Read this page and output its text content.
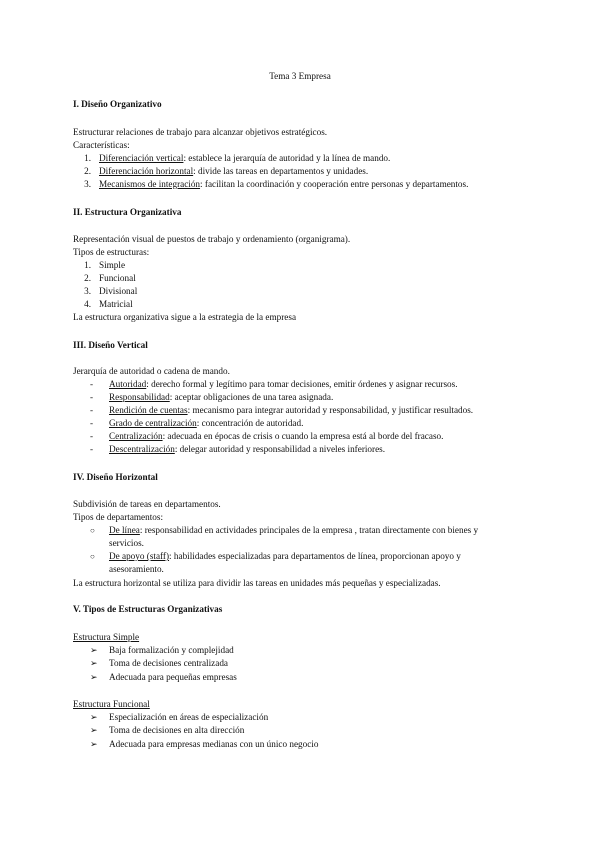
Tema 3 Empresa
I. Diseño Organizativo
Estructurar relaciones de trabajo para alcanzar objetivos estratégicos.
Características:
1. Diferenciación vertical: establece la jerarquía de autoridad y la línea de mando.
2. Diferenciación horizontal: divide las tareas en departamentos y unidades.
3. Mecanismos de integración: facilitan la coordinación y cooperación entre personas y departamentos.
II. Estructura Organizativa
Representación visual de puestos de trabajo y ordenamiento (organigrama).
Tipos de estructuras:
1. Simple
2. Funcional
3. Divisional
4. Matricial
La estructura organizativa sigue a la estrategia de la empresa
III. Diseño Vertical
Jerarquía de autoridad o cadena de mando.
- Autoridad: derecho formal y legítimo para tomar decisiones, emitir órdenes y asignar recursos.
- Responsabilidad: aceptar obligaciones de una tarea asignada.
- Rendición de cuentas: mecanismo para integrar autoridad y responsabilidad, y justificar resultados.
- Grado de centralización: concentración de autoridad.
- Centralización: adecuada en épocas de crisis o cuando la empresa está al borde del fracaso.
- Descentralización: delegar autoridad y responsabilidad a niveles inferiores.
IV. Diseño Horizontal
Subdivisión de tareas en departamentos.
Tipos de departamentos:
○ De línea: responsabilidad en actividades principales de la empresa , tratan directamente con bienes y
servicios.
○ De apoyo (staff): habilidades especializadas para departamentos de línea, proporcionan apoyo y
asesoramiento.
La estructura horizontal se utiliza para dividir las tareas en unidades más pequeñas y especializadas.
V. Tipos de Estructuras Organizativas
Estructura Simple
➢ Baja formalización y complejidad
➢ Toma de decisiones centralizada
➢ Adecuada para pequeñas empresas
Estructura Funcional
➢ Especialización en áreas de especialización
➢ Toma de decisiones en alta dirección
➢ Adecuada para empresas medianas con un único negocio
